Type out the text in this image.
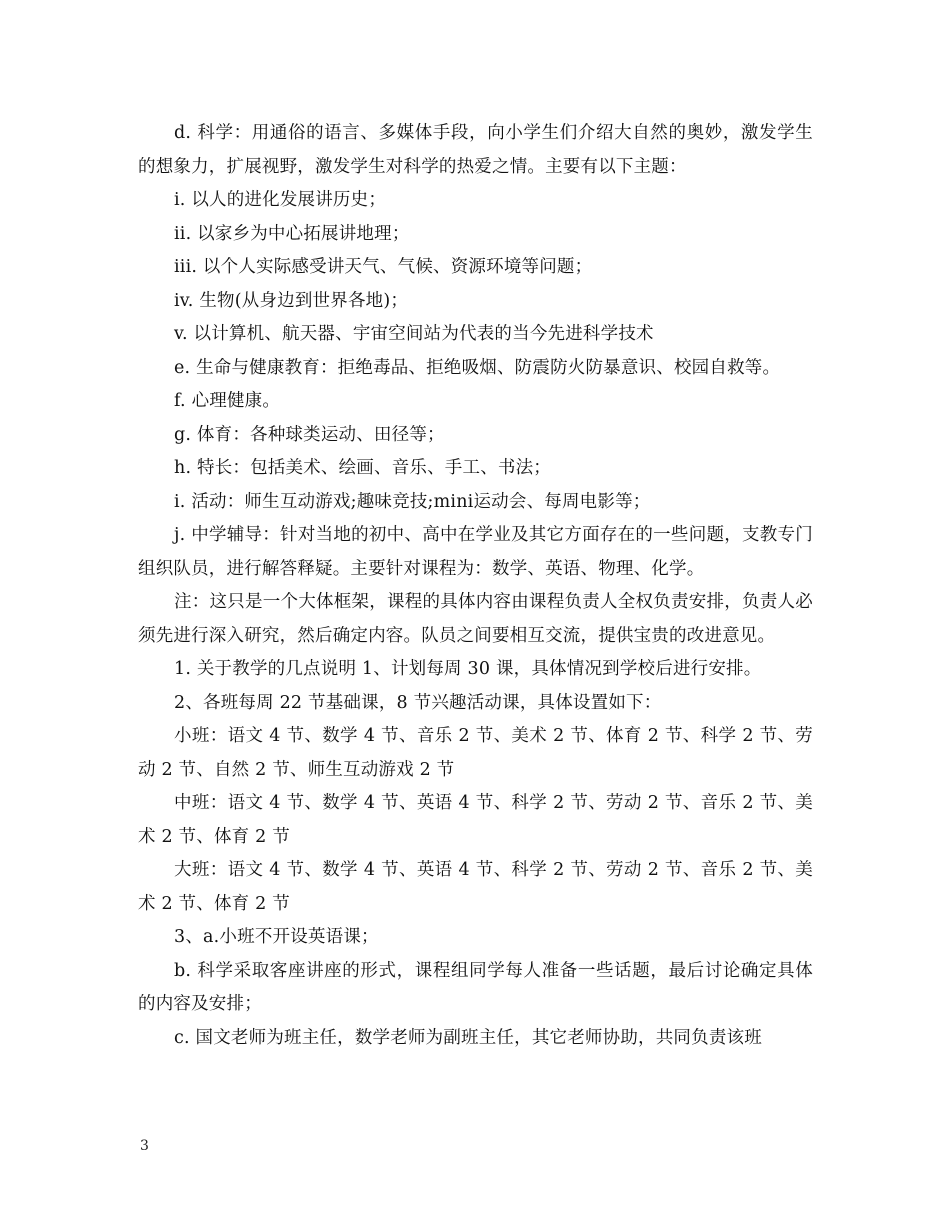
d. 科学：用通俗的语言、多媒体手段，向小学生们介绍大自然的奥妙，激发学生的想象力，扩展视野，激发学生对科学的热爱之情。主要有以下主题：

i. 以人的进化发展讲历史；

ii. 以家乡为中心拓展讲地理；

iii. 以个人实际感受讲天气、气候、资源环境等问题；

iv. 生物(从身边到世界各地)；

v. 以计算机、航天器、宇宙空间站为代表的当今先进科学技术

e. 生命与健康教育：拒绝毒品、拒绝吸烟、防震防火防暴意识、校园自救等。

f. 心理健康。

g. 体育：各种球类运动、田径等；

h. 特长：包括美术、绘画、音乐、手工、书法；

i. 活动：师生互动游戏;趣味竞技;mini运动会、每周电影等；

j. 中学辅导：针对当地的初中、高中在学业及其它方面存在的一些问题，支教专门组织队员，进行解答释疑。主要针对课程为：数学、英语、物理、化学。

注：这只是一个大体框架，课程的具体内容由课程负责人全权负责安排，负责人必须先进行深入研究，然后确定内容。队员之间要相互交流，提供宝贵的改进意见。

1. 关于教学的几点说明 1、计划每周 30 课，具体情况到学校后进行安排。

2、各班每周 22 节基础课，8 节兴趣活动课，具体设置如下：

小班：语文 4 节、数学 4 节、音乐 2 节、美术 2 节、体育 2 节、科学 2 节、劳动 2 节、自然 2 节、师生互动游戏 2 节

中班：语文 4 节、数学 4 节、英语 4 节、科学 2 节、劳动 2 节、音乐 2 节、美术 2 节、体育 2 节

大班：语文 4 节、数学 4 节、英语 4 节、科学 2 节、劳动 2 节、音乐 2 节、美术 2 节、体育 2 节

3、a.小班不开设英语课；

b. 科学采取客座讲座的形式，课程组同学每人准备一些话题，最后讨论确定具体的内容及安排；

c. 国文老师为班主任，数学老师为副班主任，其它老师协助，共同负责该班

3
